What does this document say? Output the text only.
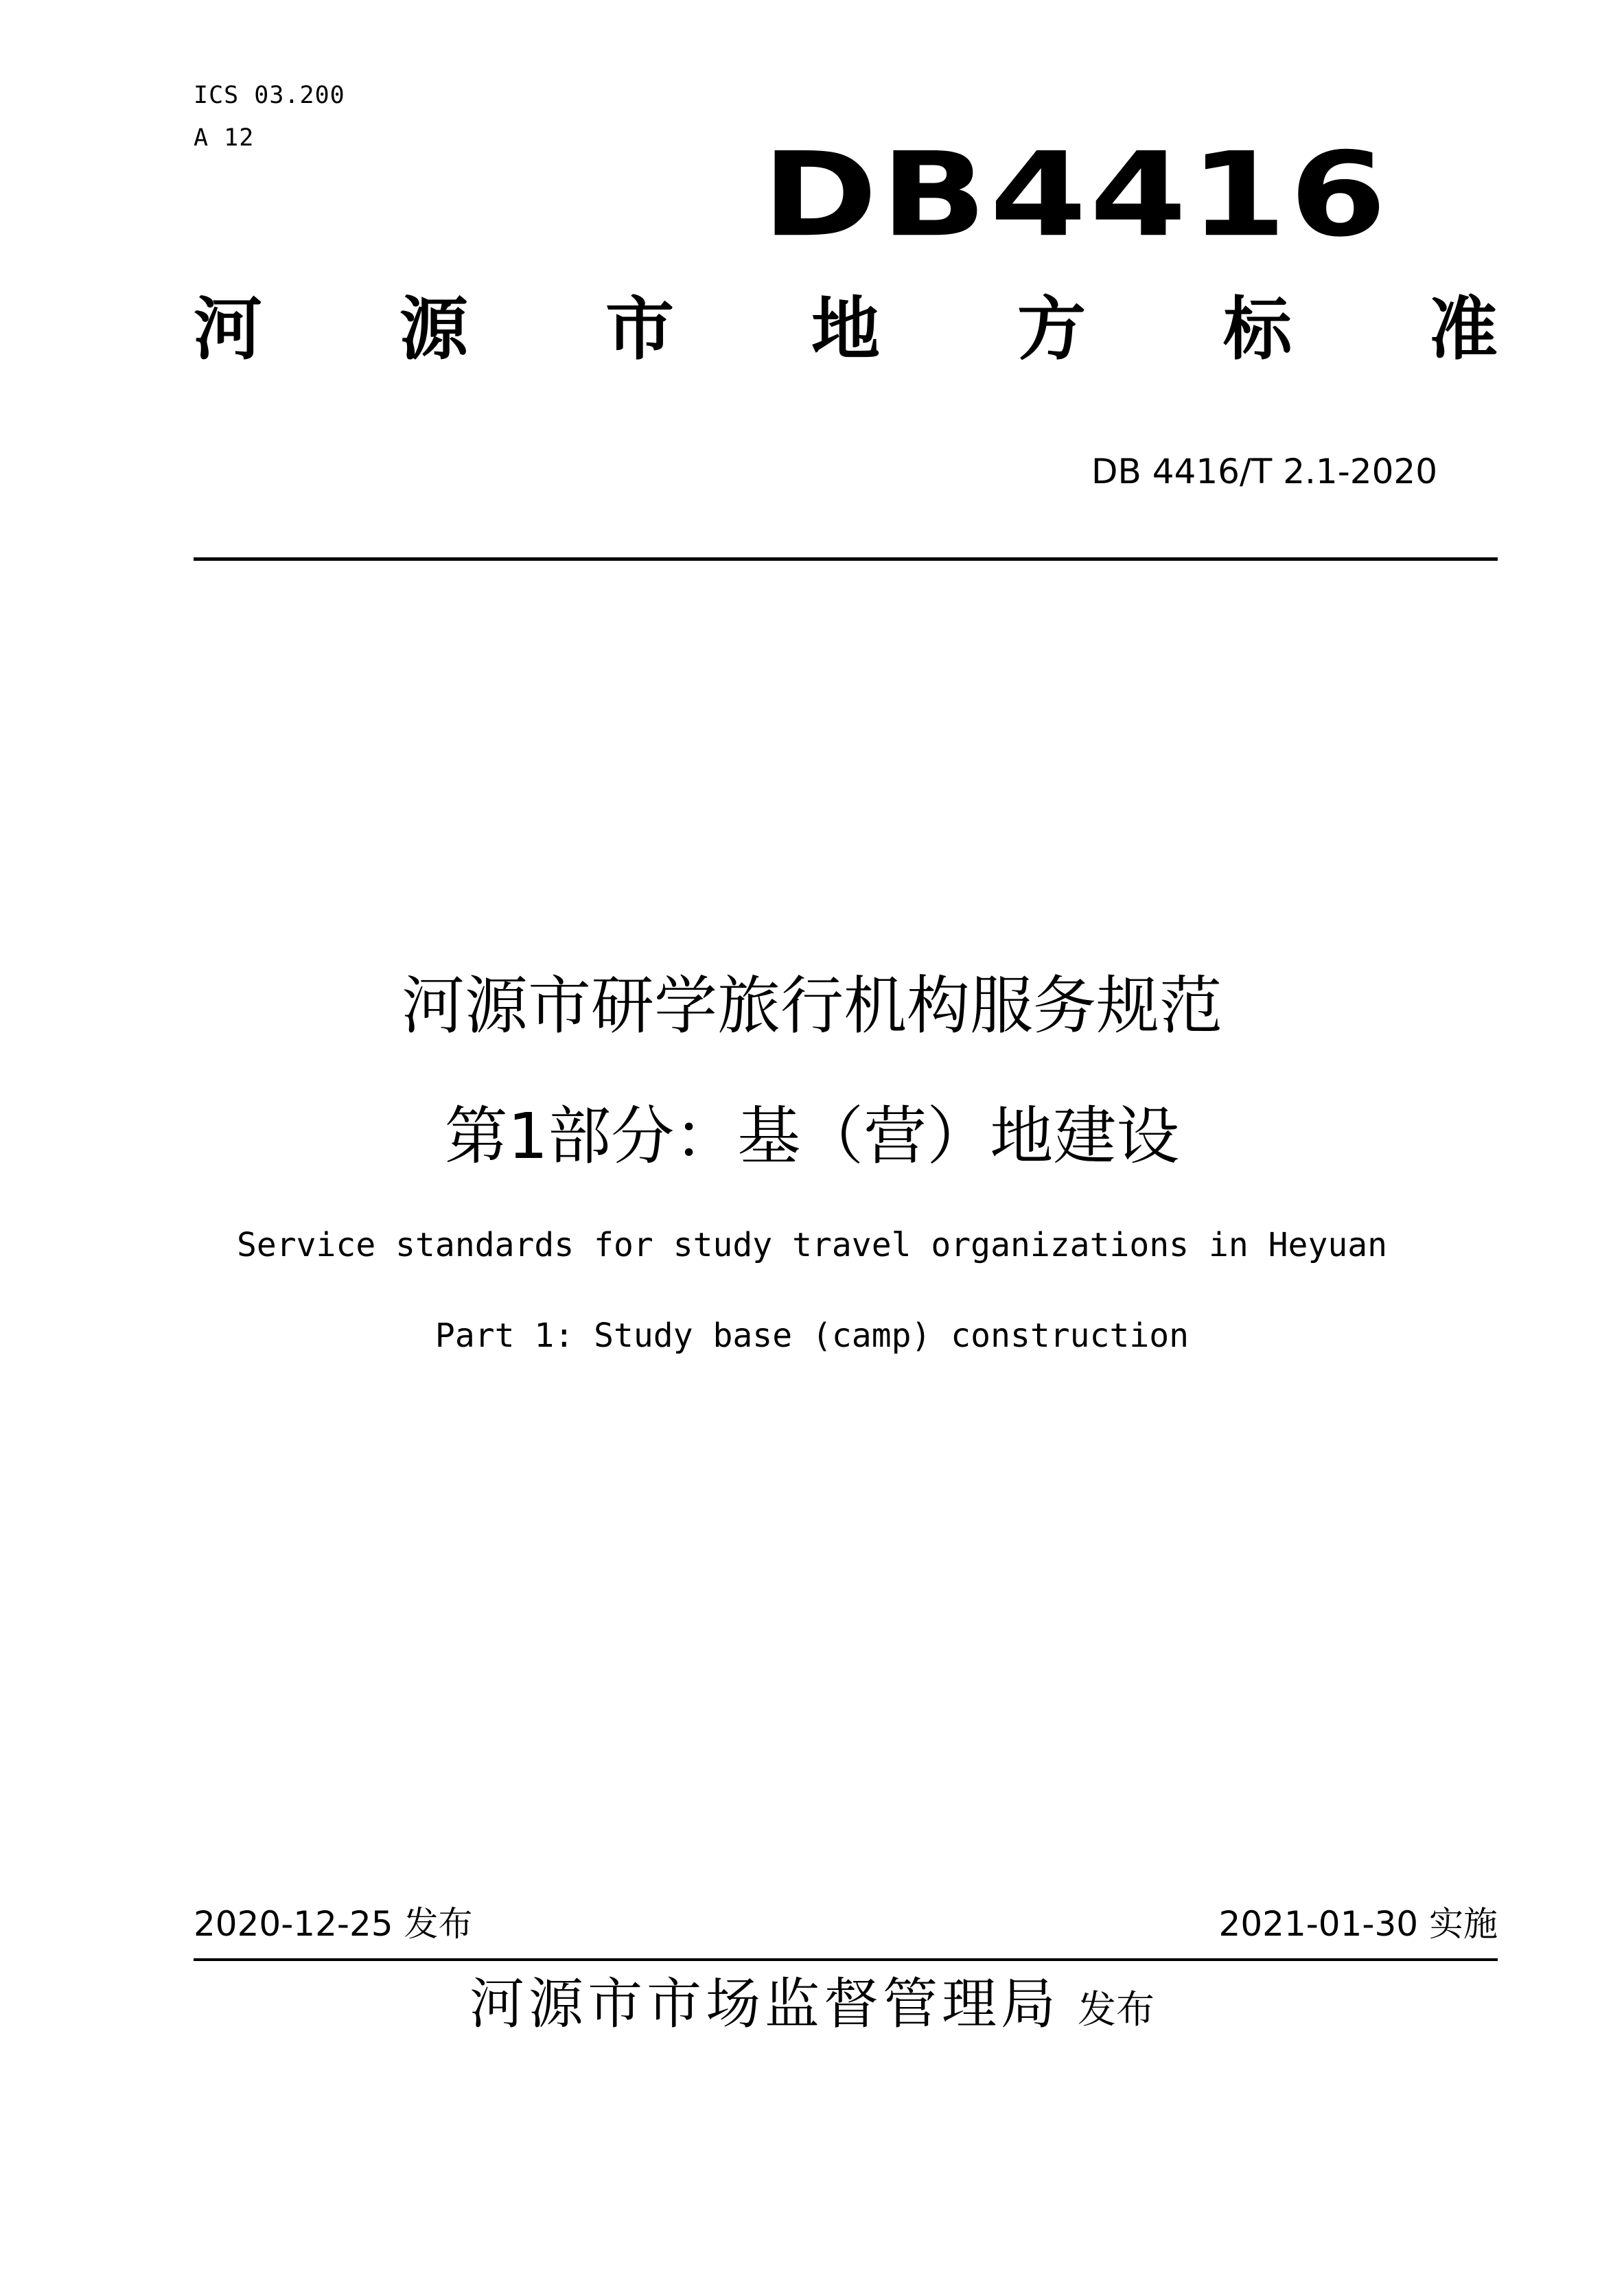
ICS 03.200
A 12	DB4416
河 源 市 地 方 标 准
DB 4416/T 2.1-2020
河源市研学旅行机构服务规范
第1部分：基（营）地建设
Service standards for study travel organizations in Heyuan
Part 1: Study base (camp) construction
2020-12-25 发布	2021-01-30 实施
河源市市场监督管理局 发布
